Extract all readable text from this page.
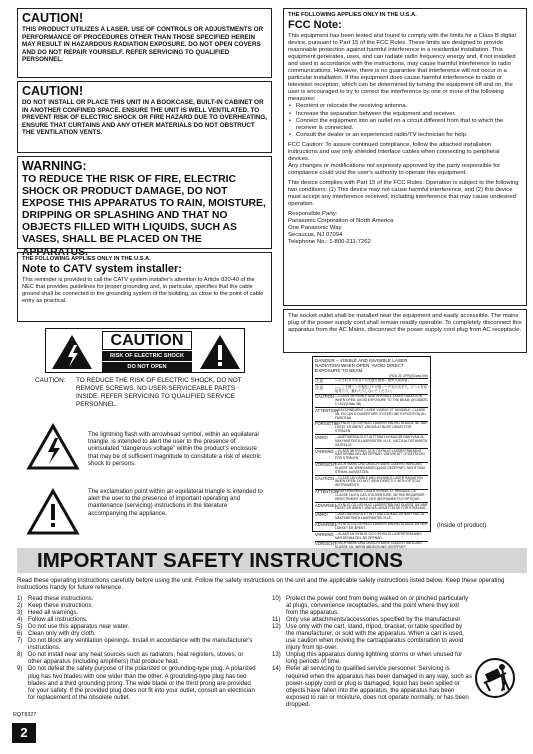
CAUTION!
THIS PRODUCT UTILIZES A LASER. USE OF CONTROLS OR ADJUSTMENTS OR PERFORMANCE OF PROCEDURES OTHER THAN THOSE SPECIFIED HEREIN MAY RESULT IN HAZARDOUS RADIATION EXPOSURE. DO NOT OPEN COVERS AND DO NOT REPAIR YOURSELF. REFER SERVICING TO QUALIFIED PERSONNEL.
CAUTION!
DO NOT INSTALL OR PLACE THIS UNIT IN A BOOKCASE, BUILT-IN CABINET OR IN ANOTHER CONFINED SPACE. ENSURE THE UNIT IS WELL VENTILATED. TO PREVENT RISK OF ELECTRIC SHOCK OR FIRE HAZARD DUE TO OVERHEATING, ENSURE THAT CURTAINS AND ANY OTHER MATERIALS DO NOT OBSTRUCT THE VENTILATION VENTS.
WARNING:
TO REDUCE THE RISK OF FIRE, ELECTRIC SHOCK OR PRODUCT DAMAGE, DO NOT EXPOSE THIS APPARATUS TO RAIN, MOISTURE, DRIPPING OR SPLASHING AND THAT NO OBJECTS FILLED WITH LIQUIDS, SUCH AS VASES, SHALL BE PLACED ON THE APPARATUS.
THE FOLLOWING APPLIES ONLY IN THE U.S.A.
Note to CATV system installer:
This reminder is provided to call the CATV system installer's attention to Article 820-40 of the NEC that provides guidelines for proper grounding and, in particular, specifies that the cable ground shall be connected to the grounding system of the building, as close to the point of cable entry as practical.
CAUTION
RISK OF ELECTRIC SHOCK
DO NOT OPEN
CAUTION: TO REDUCE THE RISK OF ELECTRIC SHOCK, DO NOT REMOVE SCREWS. NO USER-SERVICEABLE PARTS INSIDE. REFER SERVICING TO QUALIFIED SERVICE PERSONNEL.
The lightning flash with arrowhead symbol, within an equilateral triangle, is intended to alert the user to the presence of uninsulated “dangerous voltage” within the product’s enclosure that may be of sufficient magnitude to constitute a risk of electric shock to persons.
The exclamation point within an equilateral triangle is intended to alert the user to the presence of important operating and maintenance (servicing) instructions in the literature accompanying the appliance.
THE FOLLOWING APPLIES ONLY IN THE U.S.A.
FCC Note:

This equipment has been tested and found to comply with the limits for a Class B digital device, pursuant to Part 15 of the FCC Rules. These limits are designed to provide reasonable protection against harmful interference in a residential installation. This equipment generates, uses, and can radiate radio frequency energy and, if not installed and used in accordance with the instructions, may cause harmful interference to radio communications. However, there is no guarantee that interference will not occur in a particular installation. If this equipment does cause harmful interference to radio or television reception, which can be determined by turning the equipment off and on, the user is encouraged to try to correct the interference by one or more of the following measures:

• Reorient or relocate the receiving antenna.
• Increase the separation between the equipment and receiver.
• Connect the equipment into an outlet on a circuit different from that to which the receiver is connected.
• Consult the dealer or an experienced radio/TV technician for help.

FCC Caution: To assure continued compliance, follow the attached installation instructions and use only shielded interface cables when connecting to peripheral devices.

Any changes or modifications not expressly approved by the party responsible for compliance could void the user's authority to operate this equipment.

This device complies with Part 15 of the FCC Rules. Operation is subject to the following two conditions: (1) This device may not cause harmful interference, and (2) this device must accept any interference received, including interference that may cause undesired operation.

Responsible Party:
Panasonic Corporation of North America
One Panasonic Way
Secaucus, NJ 07094
Telephone No.: 1-800-211-7262
The socket outlet shall be installed near the equipment and easily accessible. The mains plug of the power supply cord shall remain readily operable. To completely disconnect this apparatus from the AC Mains, disconnect the power supply cord plug from AC receptacle.
DANGER – VISIBLE AND INVISIBLE LASER RADIATION WHEN OPEN. AVOID DIRECT EXPOSURE TO BEAM.
(FDA 21 CFR)/(Class IIIb)
注意	—打开时有可见及不可见激光辐射。避免光束照射。
注意	—ここを開くと可視及び不可視レーザ光が出ます。ビームを直接見たり、触れたりしないでください。
CAUTION —CLASS 3B VISIBLE AND INVISIBLE LASER RADIATION WHEN OPEN. AVOID EXPOSURE TO THE BEAM. (IEC60825-1 +A2)/(Class 3B)
ATTENTION
—RAYONNEMENT LASER VISIBLE ET INVISIBLE, CLASSE 3B, EN CAS D'OUVERTURE. EVITER UNE EXPOSITION AU FAISCEAU.
FORSIGTIG
—SYNLIG OG USYNLIG LASERSTRÅLING KLASSE 3B, NÅR LÅGET ER ÅBENT. UNDGÅ AT BLIVE UDSAT FOR STRÅLEN.
VARO!	—AVATTAESSA OLET ALTTIINA LUOKAN 3B NÄKYVÄÄ JA NÄKYMÄTÖNTÄ LASERSÄTEILYLLE. VÄLTÄ ALTISTUMISTA SÄTEELLE.
VARNING —KLASS 3B SYNLIG OCH OSYNLIG LASERSTRÅLNING NÄR DENNA DEL ÄR ÖPPNAD. UNDVIK ATT UTSÄTTA DIG FÖR STRÅLEN.
VORSICHT
—SICHTBARE UND UNSICHTBARE LASERSTRAHLUNG KLASSE 3B, WENN ABDECKUNG GEÖFFNET. NICHT DEM STRAHL AUSSETZEN.
CAUTION —CLASS 1M VISIBLE AND INVISIBLE LASER RADIATION WHEN OPEN. DO NOT VIEW DIRECTLY WITH OPTICAL INSTRUMENTS.
ATTENTION
—RAYONNEMENT LASER VISIBLE ET INVISIBLE DE CLASSE 1M EN CAS D'OUVERTURE. NE PAS REGARDER DIRECTEMENT AVEC DES INSTRUMENTS D'OPTIQUE.
ADVARSEL
—SYNLIG OG USYNLIG LASERSTRÅLING KLASSE 1M NÅR LÅGET ER ÅBENT. UNDGÅ UDSÆTTELSE FOR STRÅLING.
VARO!	—AVATTAESSA OLET ALTTIINA LUOKAN 1M NÄKYVÄÄ JA NÄKYMÄTÖNTÄ LASERSÄTEILYLLE.
ADVARSEL
—SYNLIG OG USYNLIG LASERSTRÅLING KLASSE 1M NÅR LOKKET ER ÅPENT.
VARNING —KLASS 1M SYNLIG OCH OSYNLIG LASERSTRÅLNING NÄR DENNA DEL ÄR ÖPPNAD.
VORSICHT
—SICHTBARE UND UNSICHTBARE LASERSTRAHLUNG
(Inside of product)
IMPORTANT SAFETY INSTRUCTIONS
Read these operating instructions carefully before using the unit. Follow the safety instructions on the unit and the applicable safety instructions listed below. Keep these operating instructions handy for future reference.
1) Read these instructions.
2) Keep these instructions.
3) Heed all warnings.
4) Follow all instructions.
5) Do not use this apparatus near water.
6) Clean only with dry cloth.
7) Do not block any ventilation openings. Install in accordance with the manufacturer's instructions.
8) Do not install near any heat sources such as radiators, heat registers, stoves, or other apparatus (including amplifiers) that produce heat.
9) Do not defeat the safety purpose of the polarized or grounding-type plug. A polarized plug has two blades with one wider than the other. A grounding-type plug has two blades and a third grounding prong. The wide blade or the third prong are provided for your safety. If the provided plug does not fit into your outlet, consult an electrician for replacement of the obsolete outlet.
10) Protect the power cord from being walked on or pinched particularly at plugs, convenience receptacles, and the point where they exit from the apparatus.
11) Only use attachments/accessories specified by the manufacturer.
12) Use only with the cart, stand, tripod, bracket, or table specified by the manufacturer, or sold with the apparatus. When a cart is used, use caution when moving the cart/apparatus combination to avoid injury from tip-over.
13) Unplug this apparatus during lightning storms or when unused for long periods of time.
14) Refer all servicing to qualified service personnel. Servicing is required when the apparatus has been damaged in any way, such as power-supply cord or plug is damaged, liquid has been spilled or objects have fallen into the apparatus, the apparatus has been exposed to rain or moisture, does not operate normally, or has been dropped.
RQT8327
2
